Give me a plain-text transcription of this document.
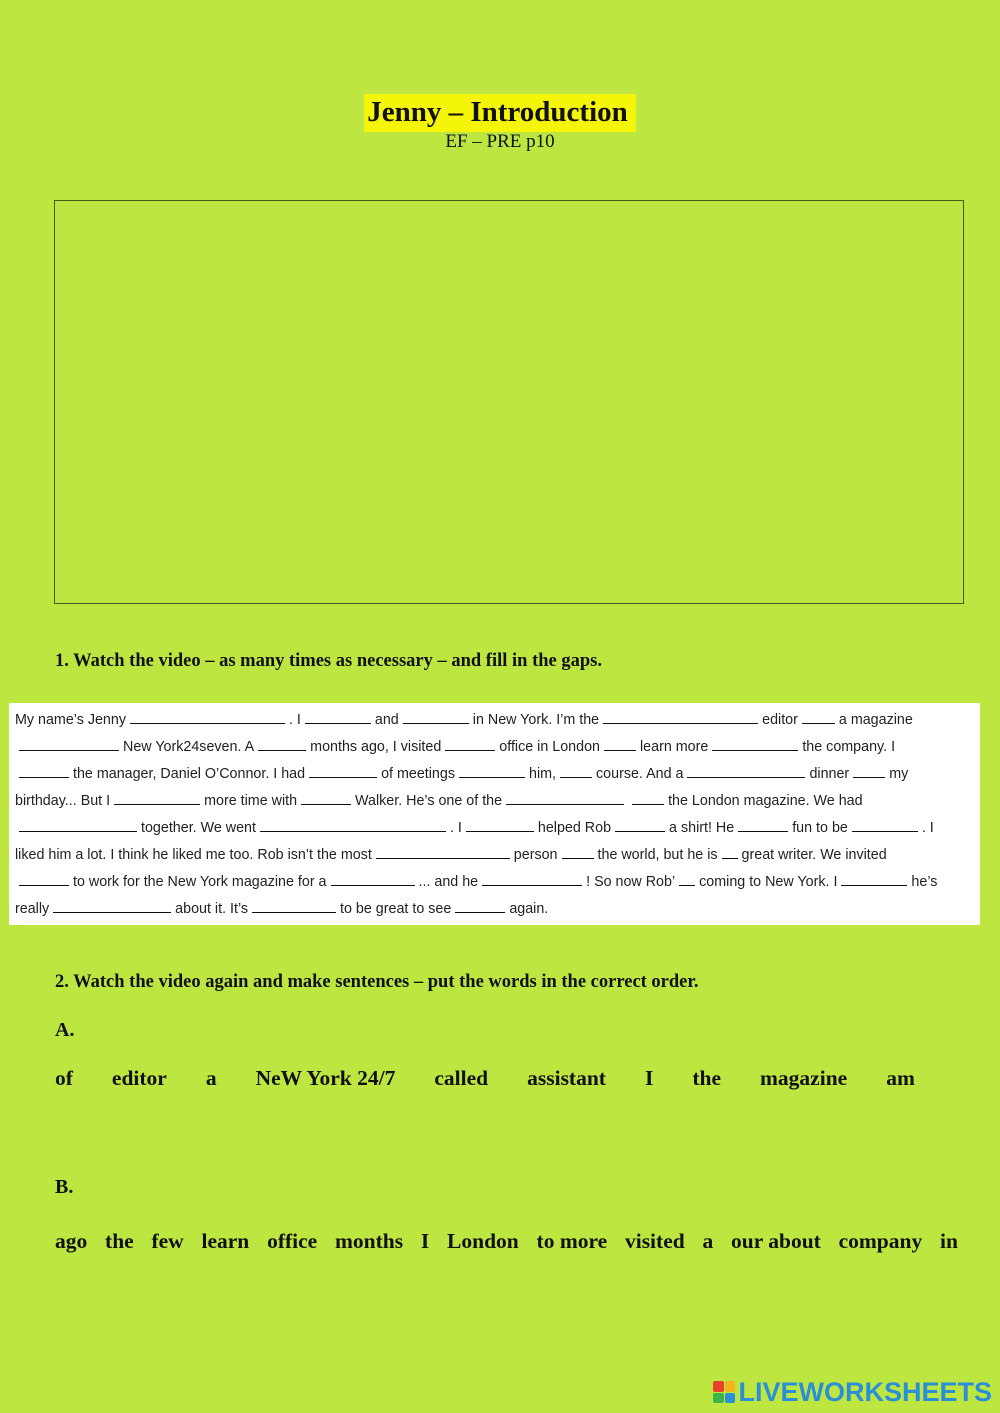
Jenny – Introduction
EF – PRE p10
1. Watch the video – as many times as necessary – and fill in the gaps.
My name’s Jenny	. I	and	in New York. I’m the	editor	a magazine
New York24seven. A	months ago, I visited	office in London	learn more	the company. I
the manager, Daniel O’Connor. I had	of meetings	him,	course. And a	dinner	my
birthday... But I	more time with	Walker. He’s one of the	the London magazine. We had
together. We went	. I	helped Rob	a shirt! He	fun to be	. I
liked him a lot. I think he liked me too. Rob isn’t the most	person	the world, but he is great writer. We invited
to work for the New York magazine for a	... and he	! So now Rob’ coming to New York. I	he’s
really	about it. It’s	to be great to see	again.
2. Watch the video again and make sentences – put the words in the correct order.
A.
of editor a NeW York 24/7 called assistant I the magazine am
B.
ago the few learn office months I London to more visited a our about company in
LIVEWORKSHEETS
